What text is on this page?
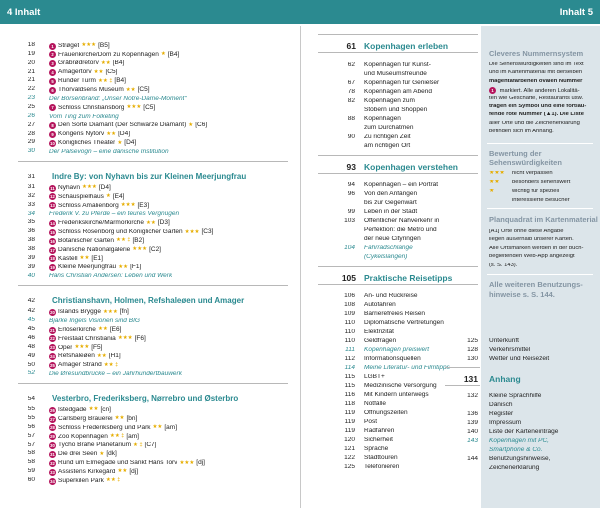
4 Inhalt	Inhalt 5
18	1 Strøget ★★★ [B5]
19	2 Frauenkirche/Dom zu Kopenhagen ★ [B4]
20	3 Gråbrødretorv ★★ [B4]
21	4 Amagertorv ★★ [C5]
21	5 Runder Turm ★★ ‡ [B4]
22	6 Thorvaldsens Museum ★★ [C5]
23 Der Börsenbrand: „Unser Notre-Dame-Moment“
25	7 Schloss Christiansborg ★★★ [C5]
26 Vom Ting zum Folketing
27	8 Den Sorte Diamant (Der Schwarze Diamant) ★ [C6]
28	9 Kongens Nytorv ★★ [D4]
29	10 Königliches Theater ★ [D4]
30 Der Palsevogn – eine dänische Institution
31 Indre By: von Nyhavn bis zur Kleinen Meerjungfrau
31	11 Nyhavn ★★★ [D4]
32	12 Schauspielhaus ★ [E4]
33	13 Schloss Amalienborg ★★★ [E3]
34 Frederik V. zu Pferde – ein teures Vergnügen
35	14 Frederikskirche/Marmorkirche ★★ [D3]
36	15 Schloss Rosenborg und Königlicher Garten ★★★ [C3]
38	16 Botanischer Garten ★★ ‡ [B2]
38	17 Dänische Nationalgalerie ★★★ [C2]
39	18 Kastell ★★ [E1]
39	19 Kleine Meerjungfrau ★★ [F1]
40 Hans Christian Andersen: Leben und Werk
42 Christianshavn, Holmen, Refshaleøen und Amager
42	20 Islands Brygge ★★★ [fn]
45 Bjarke Ingels Visionen sind BIG
45	21 Erlöserkirche ★★ [E6]
46	22 Freistaat Christiania ★★★ [F6]
48	23 Oper ★★★ [F5]
49	24 Refshaleøen ★★ [H1]
50	25 Amager Strand ★★ ‡
52 Die Øresundbrücke – ein Jahrhundertbauwerk
54 Vesterbro, Frederiksberg, Nørrebro und Østerbro
55	26 Istedgade ★★ [cn]
55	27 Carlsberg Brauerei ★★ [bn]
56	28 Schloss Frederiksberg und Park ★★ [am]
57	29 Zoo Kopenhagen ★★ ‡ [am]
57	30 Tycho Brahe Planetarium ★ ‡ [C7]
58	31 Die drei Seen ★ [dk]
58	32 Rund um Elmegade und Sankt Hans Torv ★★★ [dj]
59	33 Assistens Kirkegård ★★ [dj]
60	34 Superkilen Park ★★ ‡
61 Kopenhagen erleben
62 Kopenhagen für Kunst-
und Museumsfreunde
67 Kopenhagen für Genießer
78 Kopenhagen am Abend
82 Kopenhagen zum
Stöbern und Shoppen
88 Kopenhagen
zum Durchatmen
90 Zu richtigen Zeit
am richtigen Ort
93 Kopenhagen verstehen
94 Kopenhagen – ein Porträt
96 Von den Anfängen
bis zur Gegenwart
99 Leben in der Stadt
103 Öffentlicher Nahverkehr in
Perfektion: die Metro und
der neue Cityringen
104 Fahrradschlange
(Cykelslangen)
105 Praktische Reisetipps
106 An- und Rückreise
108 Autofahren
109 Barrierefreies Reisen
110 Diplomatische Vertretungen
110 Elektrizität
110 Geldfragen
111 Kopenhagen preiswert
112 Informationsquellen
114 Meine Literatur- und Filmtipps
115 LGBT+
115 Medizinische Versorgung
116 Mit Kindern unterwegs
118 Notfälle
119 Öffnungszeiten
119 Post
119 Radfahren
120 Sicherheit
121 Sprache
122 Stadttouren
125 Telefonieren
125 Unterkunft
128 Verkehrsmittel
130 Wetter und Reisezeit
131 Anhang
132 Kleine Sprachhilfe
Dänisch
136 Register
139 Impressum
140 Liste der Karteneinträge
143 Kopenhagen mit PC,
Smartphone & Co.
144 Benutzungshinweise,
Zeichenerklärung
Cleveres Nummernsystem
Die Sehenswürdigkeiten sind im Text
und im Kartenmaterial mit derselben
magentafarbenen ovalen Nummer
1 markiert. Alle anderen Lokalitä-
ten wie Geschäfte, Restaurants usw.
tragen ein Symbol und eine fortlau-
fende rote Nummer (▲1). Die Liste
aller Orte und die Zeichenerklärung
befinden sich im Anhang.
Bewertung der
Sehenswürdigkeiten
★★★ nicht verpassen
★★ besonders sehenswert
★	wichtig für speziell
interessierte Besucher
Planquadrat im Kartenmaterial
[A1] Orte ohne diese Angabe
liegen außerhalb unserer Karten.
Alle Ortsmarken werden in der buch-
begleitenden Web-App angezeigt
(s. S. 143).
Alle weiteren Benutzungs-
hinweise s. S. 144.
